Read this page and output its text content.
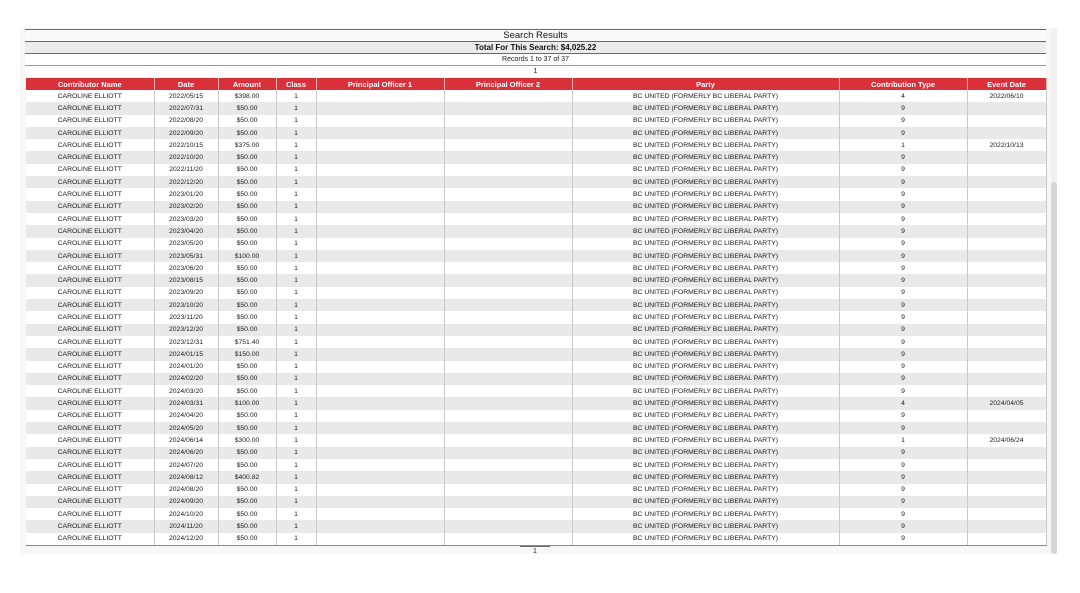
Search Results
Total For This Search: $4,025.22
Records 1 to 37 of 37
1
Contributor Name	Date	Amount	Class	Principal Officer 1	Principal Officer 2	Party	Contribution Type	Event Date
CAROLINE ELLIOTT	2022/05/15	$398.00	1			BC UNITED (FORMERLY BC LIBERAL PARTY)	4	2022/06/10
CAROLINE ELLIOTT	2022/07/31	$50.00	1			BC UNITED (FORMERLY BC LIBERAL PARTY)	9	
CAROLINE ELLIOTT	2022/08/20	$50.00	1			BC UNITED (FORMERLY BC LIBERAL PARTY)	9	
CAROLINE ELLIOTT	2022/09/20	$50.00	1			BC UNITED (FORMERLY BC LIBERAL PARTY)	9	
CAROLINE ELLIOTT	2022/10/15	$375.00	1			BC UNITED (FORMERLY BC LIBERAL PARTY)	1	2022/10/13
CAROLINE ELLIOTT	2022/10/20	$50.00	1			BC UNITED (FORMERLY BC LIBERAL PARTY)	9	
CAROLINE ELLIOTT	2022/11/20	$50.00	1			BC UNITED (FORMERLY BC LIBERAL PARTY)	9	
CAROLINE ELLIOTT	2022/12/20	$50.00	1			BC UNITED (FORMERLY BC LIBERAL PARTY)	9	
CAROLINE ELLIOTT	2023/01/20	$50.00	1			BC UNITED (FORMERLY BC LIBERAL PARTY)	9	
CAROLINE ELLIOTT	2023/02/20	$50.00	1			BC UNITED (FORMERLY BC LIBERAL PARTY)	9	
CAROLINE ELLIOTT	2023/03/20	$50.00	1			BC UNITED (FORMERLY BC LIBERAL PARTY)	9	
CAROLINE ELLIOTT	2023/04/20	$50.00	1			BC UNITED (FORMERLY BC LIBERAL PARTY)	9	
CAROLINE ELLIOTT	2023/05/20	$50.00	1			BC UNITED (FORMERLY BC LIBERAL PARTY)	9	
CAROLINE ELLIOTT	2023/05/31	$100.00	1			BC UNITED (FORMERLY BC LIBERAL PARTY)	9	
CAROLINE ELLIOTT	2023/06/20	$50.00	1			BC UNITED (FORMERLY BC LIBERAL PARTY)	9	
CAROLINE ELLIOTT	2023/08/15	$50.00	1			BC UNITED (FORMERLY BC LIBERAL PARTY)	9	
CAROLINE ELLIOTT	2023/09/20	$50.00	1			BC UNITED (FORMERLY BC LIBERAL PARTY)	9	
CAROLINE ELLIOTT	2023/10/20	$50.00	1			BC UNITED (FORMERLY BC LIBERAL PARTY)	9	
CAROLINE ELLIOTT	2023/11/20	$50.00	1			BC UNITED (FORMERLY BC LIBERAL PARTY)	9	
CAROLINE ELLIOTT	2023/12/20	$50.00	1			BC UNITED (FORMERLY BC LIBERAL PARTY)	9	
CAROLINE ELLIOTT	2023/12/31	$751.40	1			BC UNITED (FORMERLY BC LIBERAL PARTY)	9	
CAROLINE ELLIOTT	2024/01/15	$150.00	1			BC UNITED (FORMERLY BC LIBERAL PARTY)	9	
CAROLINE ELLIOTT	2024/01/20	$50.00	1			BC UNITED (FORMERLY BC LIBERAL PARTY)	9	
CAROLINE ELLIOTT	2024/02/20	$50.00	1			BC UNITED (FORMERLY BC LIBERAL PARTY)	9	
CAROLINE ELLIOTT	2024/03/20	$50.00	1			BC UNITED (FORMERLY BC LIBERAL PARTY)	9	
CAROLINE ELLIOTT	2024/03/31	$100.00	1			BC UNITED (FORMERLY BC LIBERAL PARTY)	4	2024/04/05
CAROLINE ELLIOTT	2024/04/20	$50.00	1			BC UNITED (FORMERLY BC LIBERAL PARTY)	9	
CAROLINE ELLIOTT	2024/05/20	$50.00	1			BC UNITED (FORMERLY BC LIBERAL PARTY)	9	
CAROLINE ELLIOTT	2024/06/14	$300.00	1			BC UNITED (FORMERLY BC LIBERAL PARTY)	1	2024/06/24
CAROLINE ELLIOTT	2024/06/20	$50.00	1			BC UNITED (FORMERLY BC LIBERAL PARTY)	9	
CAROLINE ELLIOTT	2024/07/20	$50.00	1			BC UNITED (FORMERLY BC LIBERAL PARTY)	9	
CAROLINE ELLIOTT	2024/08/12	$400.82	1			BC UNITED (FORMERLY BC LIBERAL PARTY)	9	
CAROLINE ELLIOTT	2024/08/20	$50.00	1			BC UNITED (FORMERLY BC LIBERAL PARTY)	9	
CAROLINE ELLIOTT	2024/09/20	$50.00	1			BC UNITED (FORMERLY BC LIBERAL PARTY)	9	
CAROLINE ELLIOTT	2024/10/20	$50.00	1			BC UNITED (FORMERLY BC LIBERAL PARTY)	9	
CAROLINE ELLIOTT	2024/11/20	$50.00	1			BC UNITED (FORMERLY BC LIBERAL PARTY)	9	
CAROLINE ELLIOTT	2024/12/20	$50.00	1			BC UNITED (FORMERLY BC LIBERAL PARTY)	9	
1
